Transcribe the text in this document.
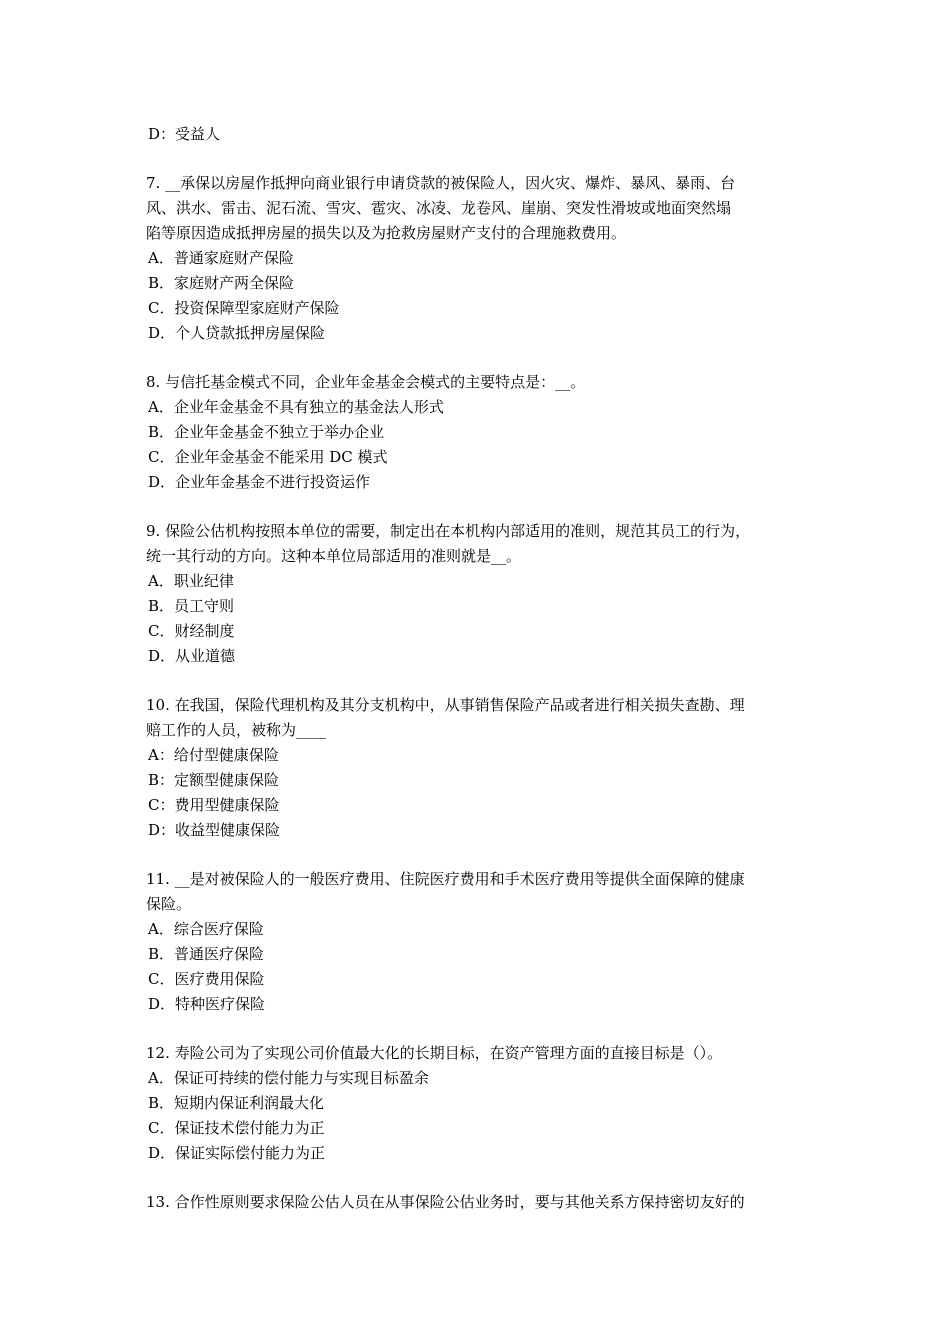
D：受益人
7. __承保以房屋作抵押向商业银行申请贷款的被保险人，因火灾、爆炸、暴风、暴雨、台
风、洪水、雷击、泥石流、雪灾、雹灾、冰凌、龙卷风、崖崩、突发性滑坡或地面突然塌
陷等原因造成抵押房屋的损失以及为抢救房屋财产支付的合理施救费用。
A．普通家庭财产保险
B．家庭财产两全保险
C．投资保障型家庭财产保险
D．个人贷款抵押房屋保险
8. 与信托基金模式不同，企业年金基金会模式的主要特点是：__。
A．企业年金基金不具有独立的基金法人形式
B．企业年金基金不独立于举办企业
C．企业年金基金不能采用 DC 模式
D．企业年金基金不进行投资运作
9. 保险公估机构按照本单位的需要，制定出在本机构内部适用的准则，规范其员工的行为，
统一其行动的方向。这种本单位局部适用的准则就是__。
A．职业纪律
B．员工守则
C．财经制度
D．从业道德
10. 在我国，保险代理机构及其分支机构中，从事销售保险产品或者进行相关损失查勘、理
赔工作的人员，被称为____
A：给付型健康保险
B：定额型健康保险
C：费用型健康保险
D：收益型健康保险
11. __是对被保险人的一般医疗费用、住院医疗费用和手术医疗费用等提供全面保障的健康
保险。
A．综合医疗保险
B．普通医疗保险
C．医疗费用保险
D．特种医疗保险
12. 寿险公司为了实现公司价值最大化的长期目标，在资产管理方面的直接目标是（）。
A．保证可持续的偿付能力与实现目标盈余
B．短期内保证利润最大化
C．保证技术偿付能力为正
D．保证实际偿付能力为正
13. 合作性原则要求保险公估人员在从事保险公估业务时，要与其他关系方保持密切友好的
